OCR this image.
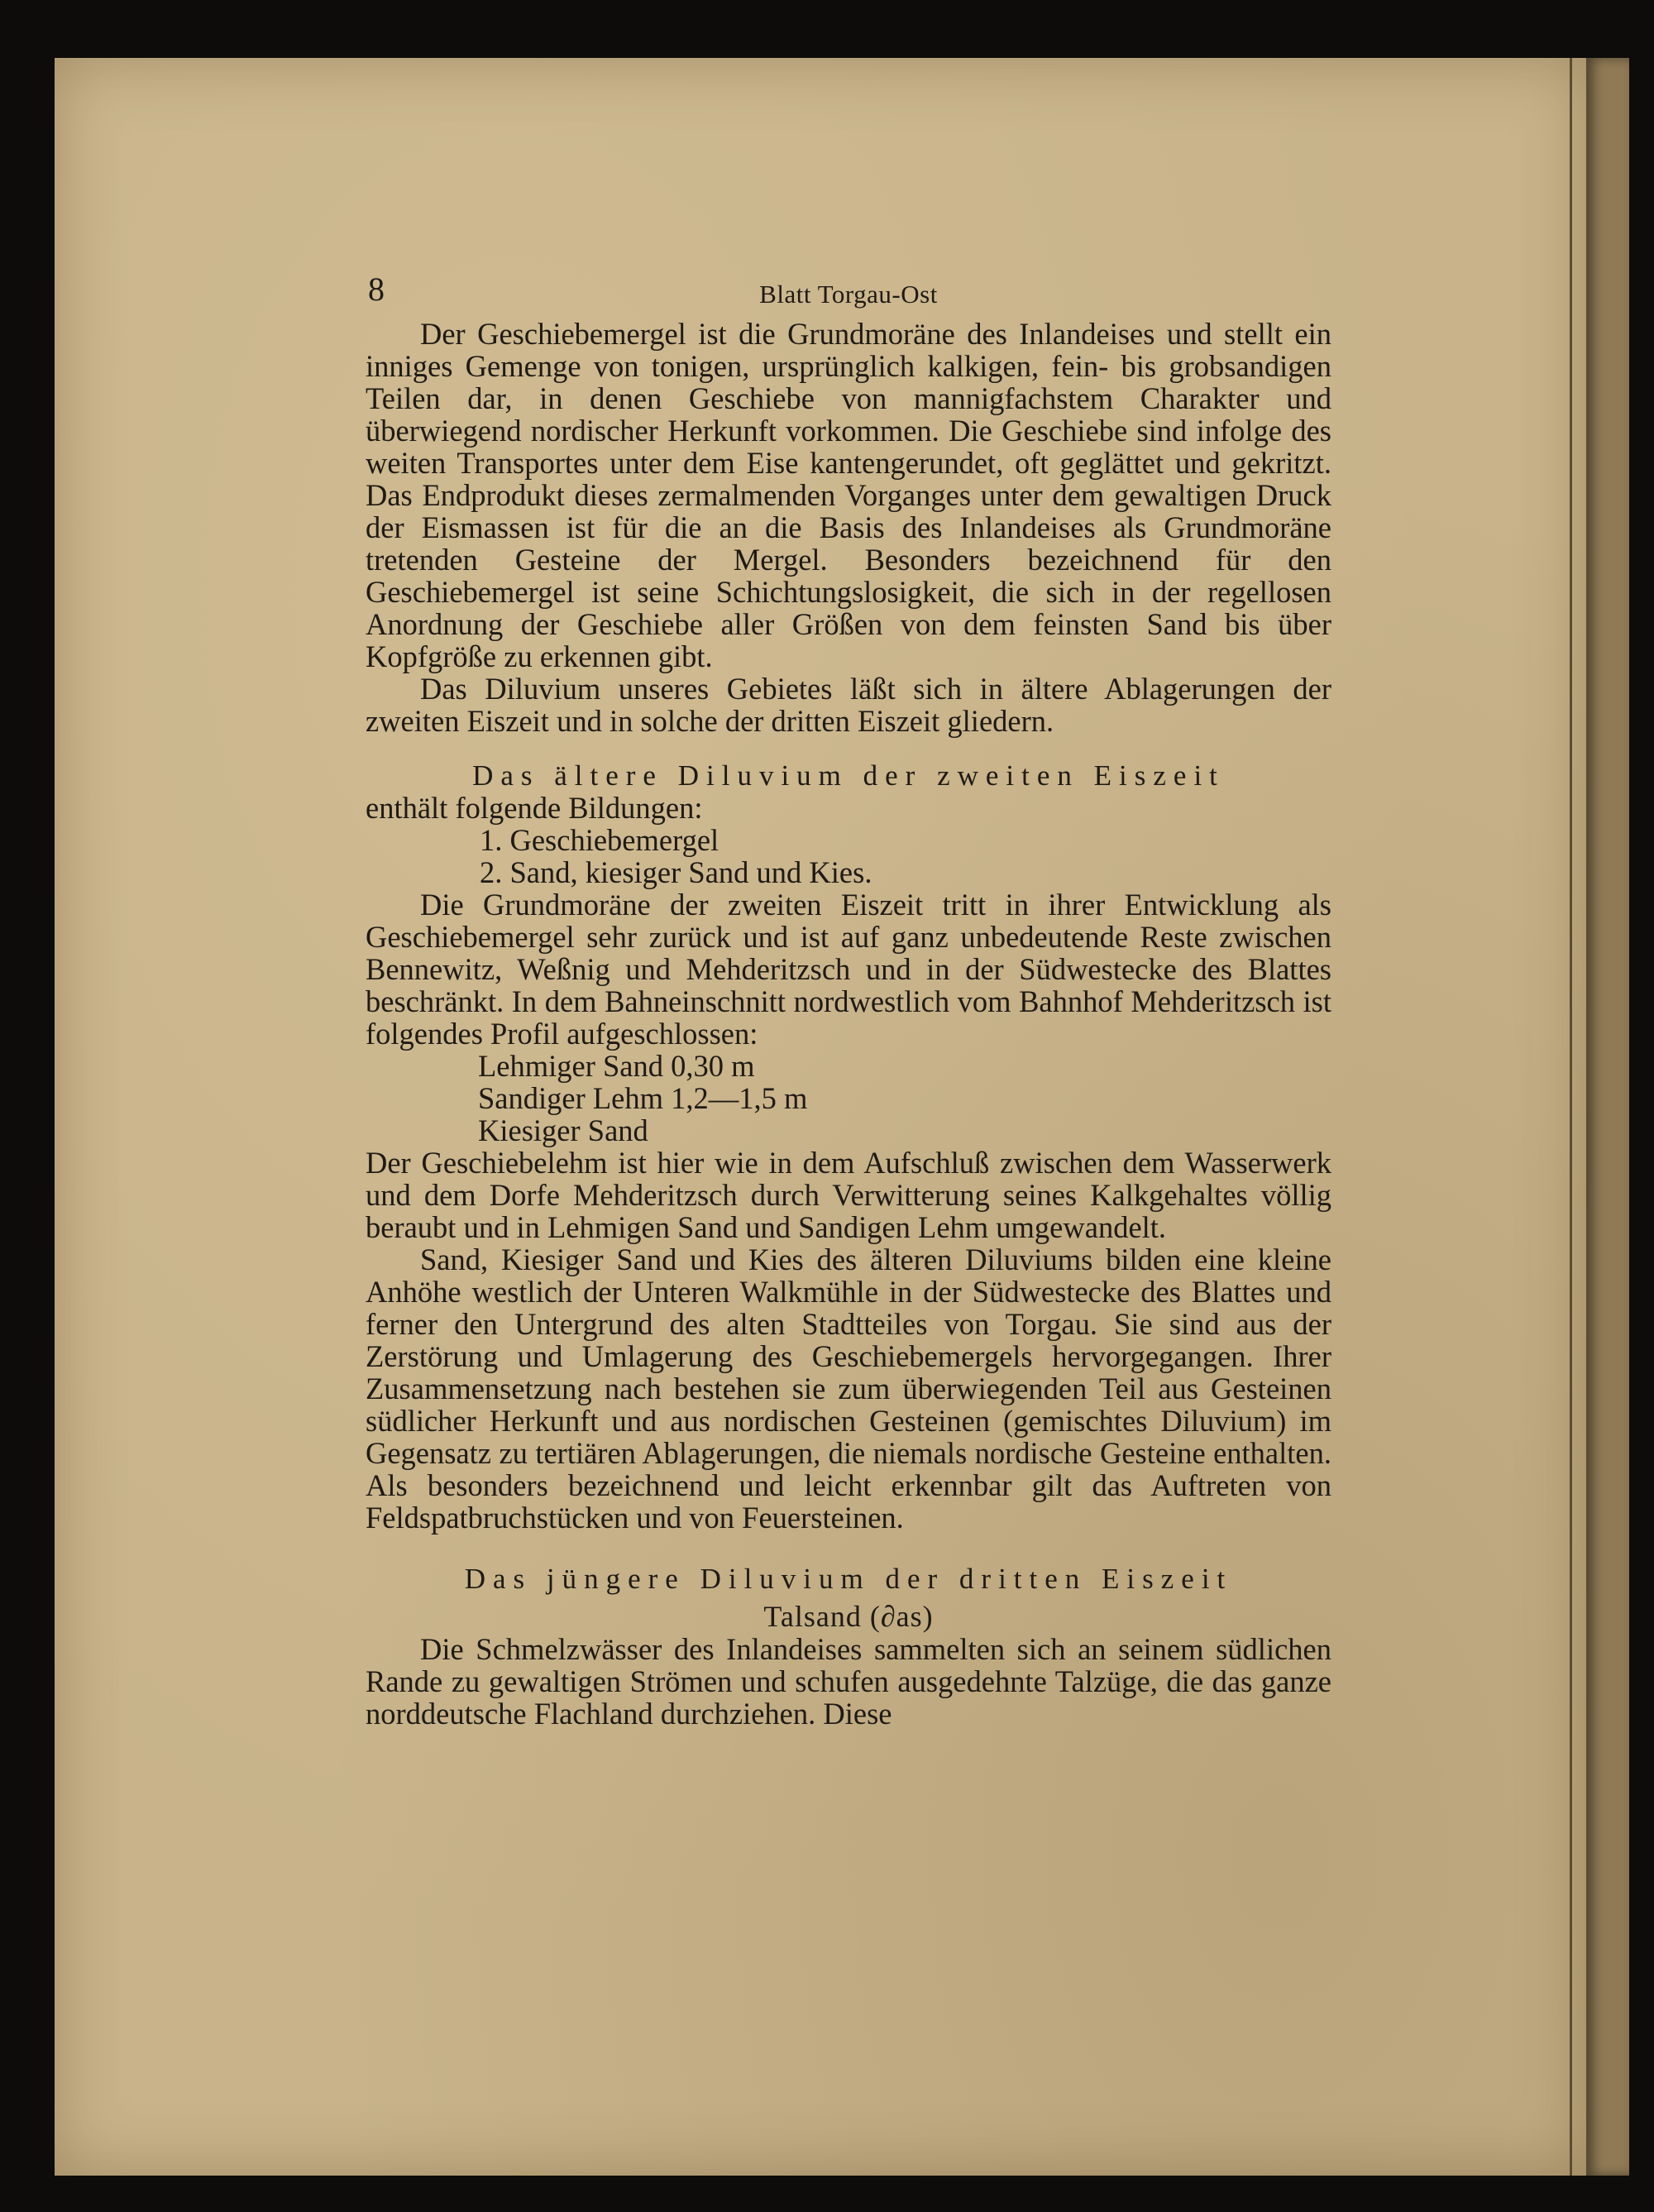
8	Blatt Torgau-Ost

Der Geschiebemergel ist die Grundmoräne des Inlandeises und stellt ein inniges Gemenge von tonigen, ursprünglich kalkigen, fein- bis grobsandigen Teilen dar, in denen Geschiebe von mannigfachstem Charakter und überwiegend nordischer Herkunft vorkommen. Die Geschiebe sind infolge des weiten Transportes unter dem Eise kantengerundet, oft geglättet und gekritzt. Das Endprodukt dieses zermalmenden Vorganges unter dem gewaltigen Druck der Eismassen ist für die an die Basis des Inlandeises als Grundmoräne tretenden Gesteine der Mergel. Besonders bezeichnend für den Geschiebemergel ist seine Schichtungslosigkeit, die sich in der regellosen Anordnung der Geschiebe aller Größen von dem feinsten Sand bis über Kopfgröße zu erkennen gibt.

Das Diluvium unseres Gebietes läßt sich in ältere Ablagerungen der zweiten Eiszeit und in solche der dritten Eiszeit gliedern.

Das ältere Diluvium der zweiten Eiszeit

enthält folgende Bildungen:

1. Geschiebemergel
2. Sand, kiesiger Sand und Kies.

Die Grundmoräne der zweiten Eiszeit tritt in ihrer Entwicklung als Geschiebemergel sehr zurück und ist auf ganz unbedeutende Reste zwischen Bennewitz, Weßnig und Mehderitzsch und in der Südwestecke des Blattes beschränkt. In dem Bahneinschnitt nordwestlich vom Bahnhof Mehderitzsch ist folgendes Profil aufgeschlossen:

Lehmiger Sand 0,30 m
Sandiger Lehm 1,2—1,5 m
Kiesiger Sand

Der Geschiebelehm ist hier wie in dem Aufschluß zwischen dem Wasserwerk und dem Dorfe Mehderitzsch durch Verwitterung seines Kalkgehaltes völlig beraubt und in Lehmigen Sand und Sandigen Lehm umgewandelt.

Sand, Kiesiger Sand und Kies des älteren Diluviums bilden eine kleine Anhöhe westlich der Unteren Walkmühle in der Südwestecke des Blattes und ferner den Untergrund des alten Stadtteiles von Torgau. Sie sind aus der Zerstörung und Umlagerung des Geschiebemergels hervorgegangen. Ihrer Zusammensetzung nach bestehen sie zum überwiegenden Teil aus Gesteinen südlicher Herkunft und aus nordischen Gesteinen (gemischtes Diluvium) im Gegensatz zu tertiären Ablagerungen, die niemals nordische Gesteine enthalten. Als besonders bezeichnend und leicht erkennbar gilt das Auftreten von Feldspatbruchstücken und von Feuersteinen.

Das jüngere Diluvium der dritten Eiszeit
Talsand (∂as)

Die Schmelzwässer des Inlandeises sammelten sich an seinem südlichen Rande zu gewaltigen Strömen und schufen ausgedehnte Talzüge, die das ganze norddeutsche Flachland durchziehen. Diese
